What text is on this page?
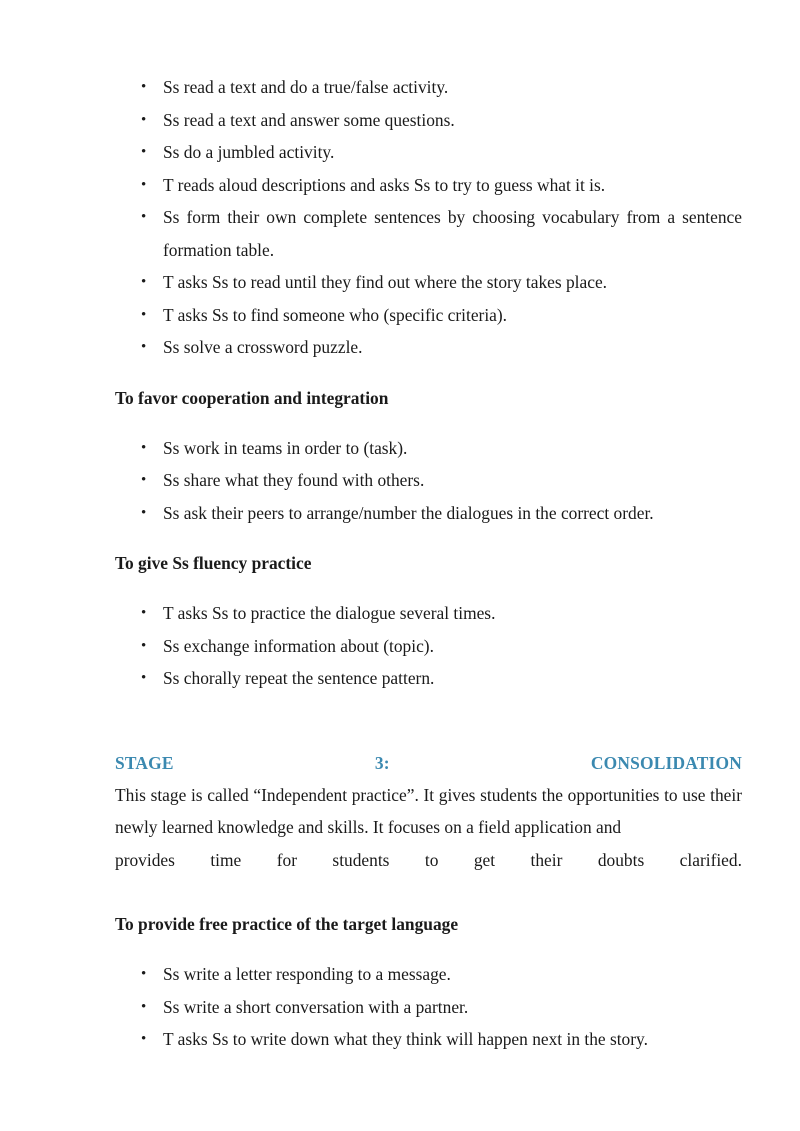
• Ss read a text and do a true/false activity.
• Ss read a text and answer some questions.
• Ss do a jumbled activity.
• T reads aloud descriptions and asks Ss to try to guess what it is.
• Ss form their own complete sentences by choosing vocabulary from a sentence formation table.
• T asks Ss to read until they find out where the story takes place.
• T asks Ss to find someone who (specific criteria).
• Ss solve a crossword puzzle.

To favor cooperation and integration

• Ss work in teams in order to (task).
• Ss share what they found with others.
• Ss ask their peers to arrange/number the dialogues in the correct order.

To give Ss fluency practice

• T asks Ss to practice the dialogue several times.
• Ss exchange information about (topic).
• Ss chorally repeat the sentence pattern.
STAGE	3:	CONSOLIDATION

This stage is called “Independent practice”. It gives students the opportunities to use their newly learned knowledge and skills. It focuses on a field application and

provides time for students to get their doubts clarified.

To provide free practice of the target language

• Ss write a letter responding to a message.
• Ss write a short conversation with a partner.
• T asks Ss to write down what they think will happen next in the story.
